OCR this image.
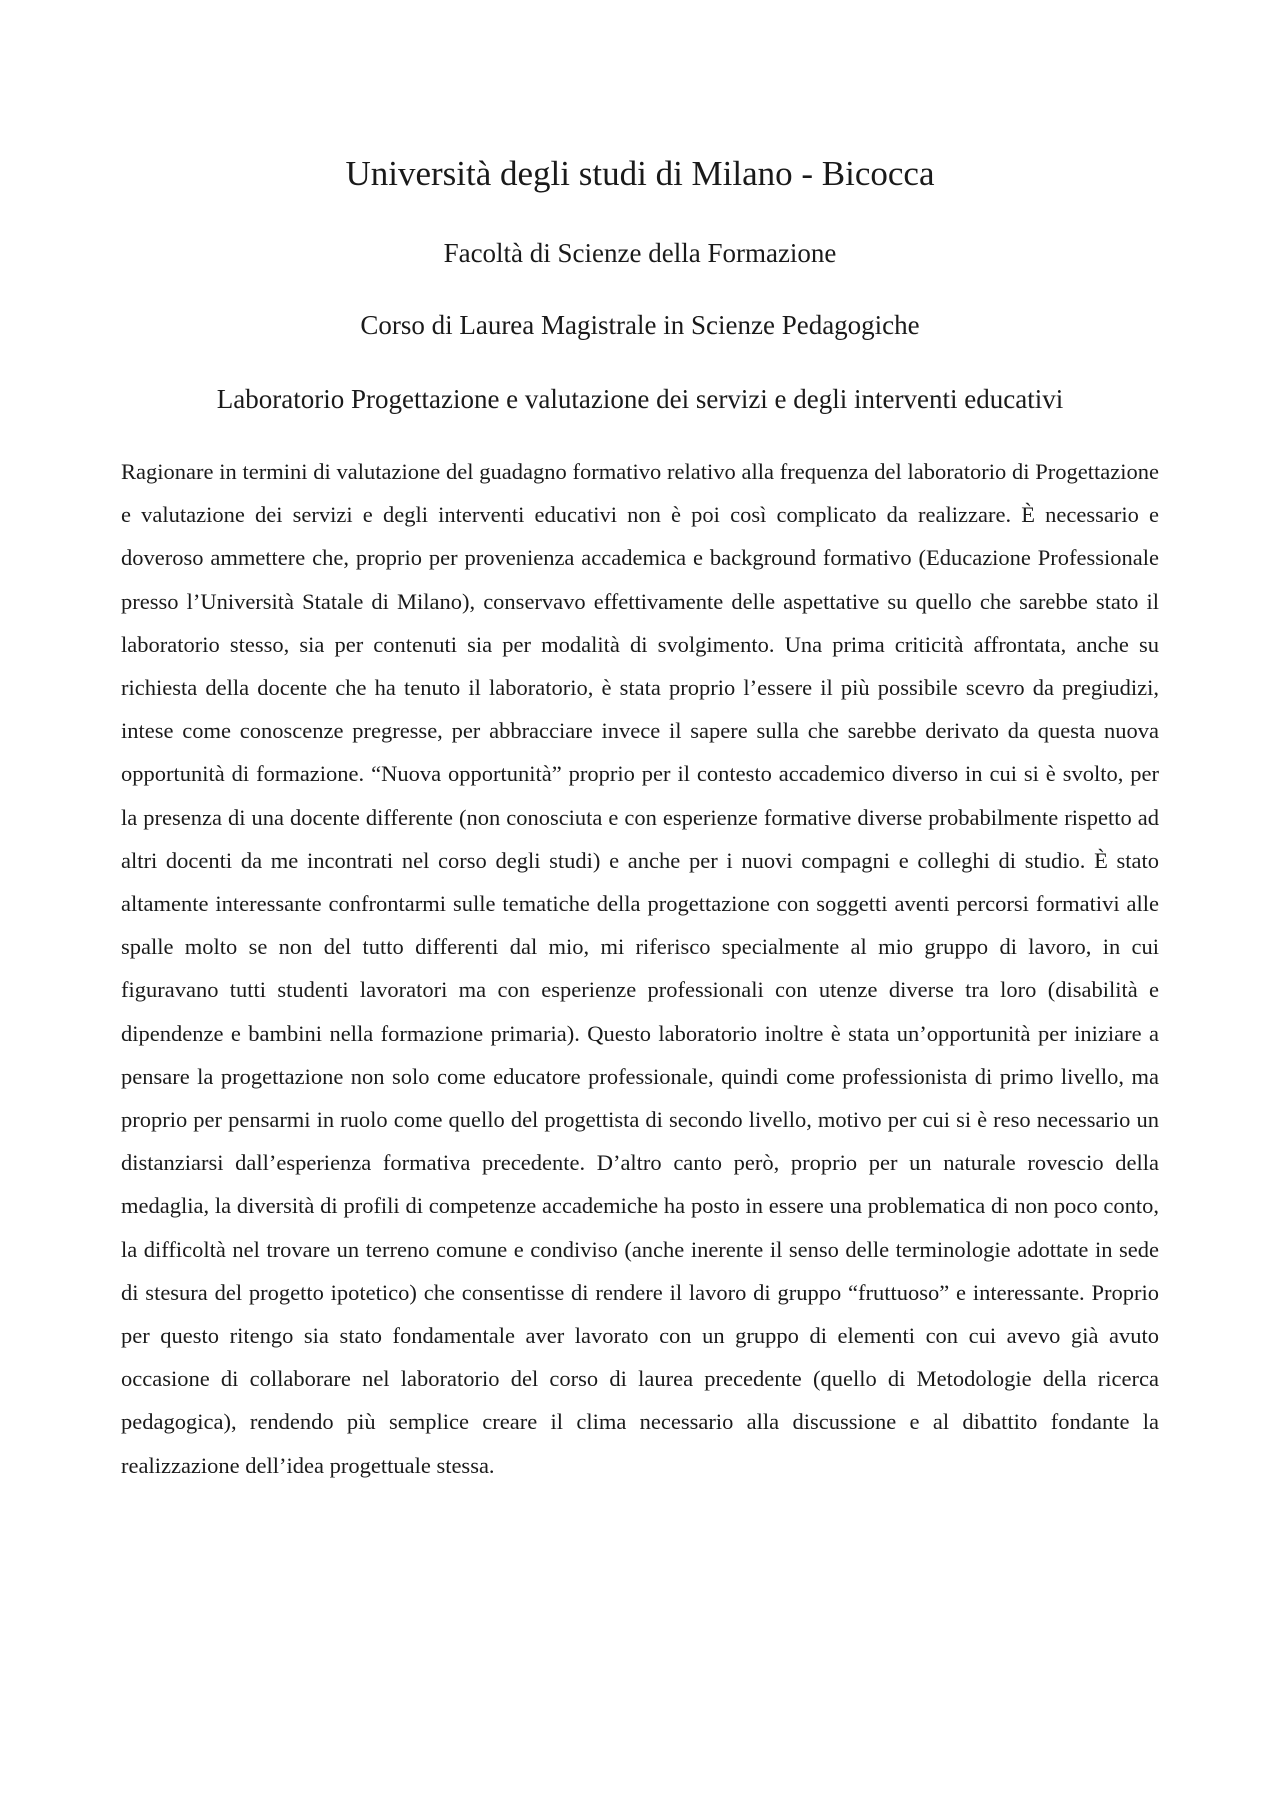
Università degli studi di Milano - Bicocca
Facoltà di Scienze della Formazione
Corso di Laurea Magistrale in Scienze Pedagogiche
Laboratorio Progettazione e valutazione dei servizi e degli interventi educativi

Ragionare in termini di valutazione del guadagno formativo relativo alla frequenza del laboratorio di Progettazione e valutazione dei servizi e degli interventi educativi non è poi così complicato da realizzare. È necessario e doveroso ammettere che, proprio per provenienza accademica e background formativo (Educazione Professionale presso l’Università Statale di Milano), conservavo effettivamente delle aspettative su quello che sarebbe stato il laboratorio stesso, sia per contenuti sia per modalità di svolgimento. Una prima criticità affrontata, anche su richiesta della docente che ha tenuto il laboratorio, è stata proprio l’essere il più possibile scevro da pregiudizi, intese come conoscenze pregresse, per abbracciare invece il sapere sulla che sarebbe derivato da questa nuova opportunità di formazione. “Nuova opportunità” proprio per il contesto accademico diverso in cui si è svolto, per la presenza di una docente differente (non conosciuta e con esperienze formative diverse probabilmente rispetto ad altri docenti da me incontrati nel corso degli studi) e anche per i nuovi compagni e colleghi di studio. È stato altamente interessante confrontarmi sulle tematiche della progettazione con soggetti aventi percorsi formativi alle spalle molto se non del tutto differenti dal mio, mi riferisco specialmente al mio gruppo di lavoro, in cui figuravano tutti studenti lavoratori ma con esperienze professionali con utenze diverse tra loro (disabilità e dipendenze e bambini nella formazione primaria). Questo laboratorio inoltre è stata un’opportunità per iniziare a pensare la progettazione non solo come educatore professionale, quindi come professionista di primo livello, ma proprio per pensarmi in ruolo come quello del progettista di secondo livello, motivo per cui si è reso necessario un distanziarsi dall’esperienza formativa precedente. D’altro canto però, proprio per un naturale rovescio della medaglia, la diversità di profili di competenze accademiche ha posto in essere una problematica di non poco conto, la difficoltà nel trovare un terreno comune e condiviso (anche inerente il senso delle terminologie adottate in sede di stesura del progetto ipotetico) che consentisse di rendere il lavoro di gruppo “fruttuoso” e interessante. Proprio per questo ritengo sia stato fondamentale aver lavorato con un gruppo di elementi con cui avevo già avuto occasione di collaborare nel laboratorio del corso di laurea precedente (quello di Metodologie della ricerca pedagogica), rendendo più semplice creare il clima necessario alla discussione e al dibattito fondante la realizzazione dell’idea progettuale stessa.
